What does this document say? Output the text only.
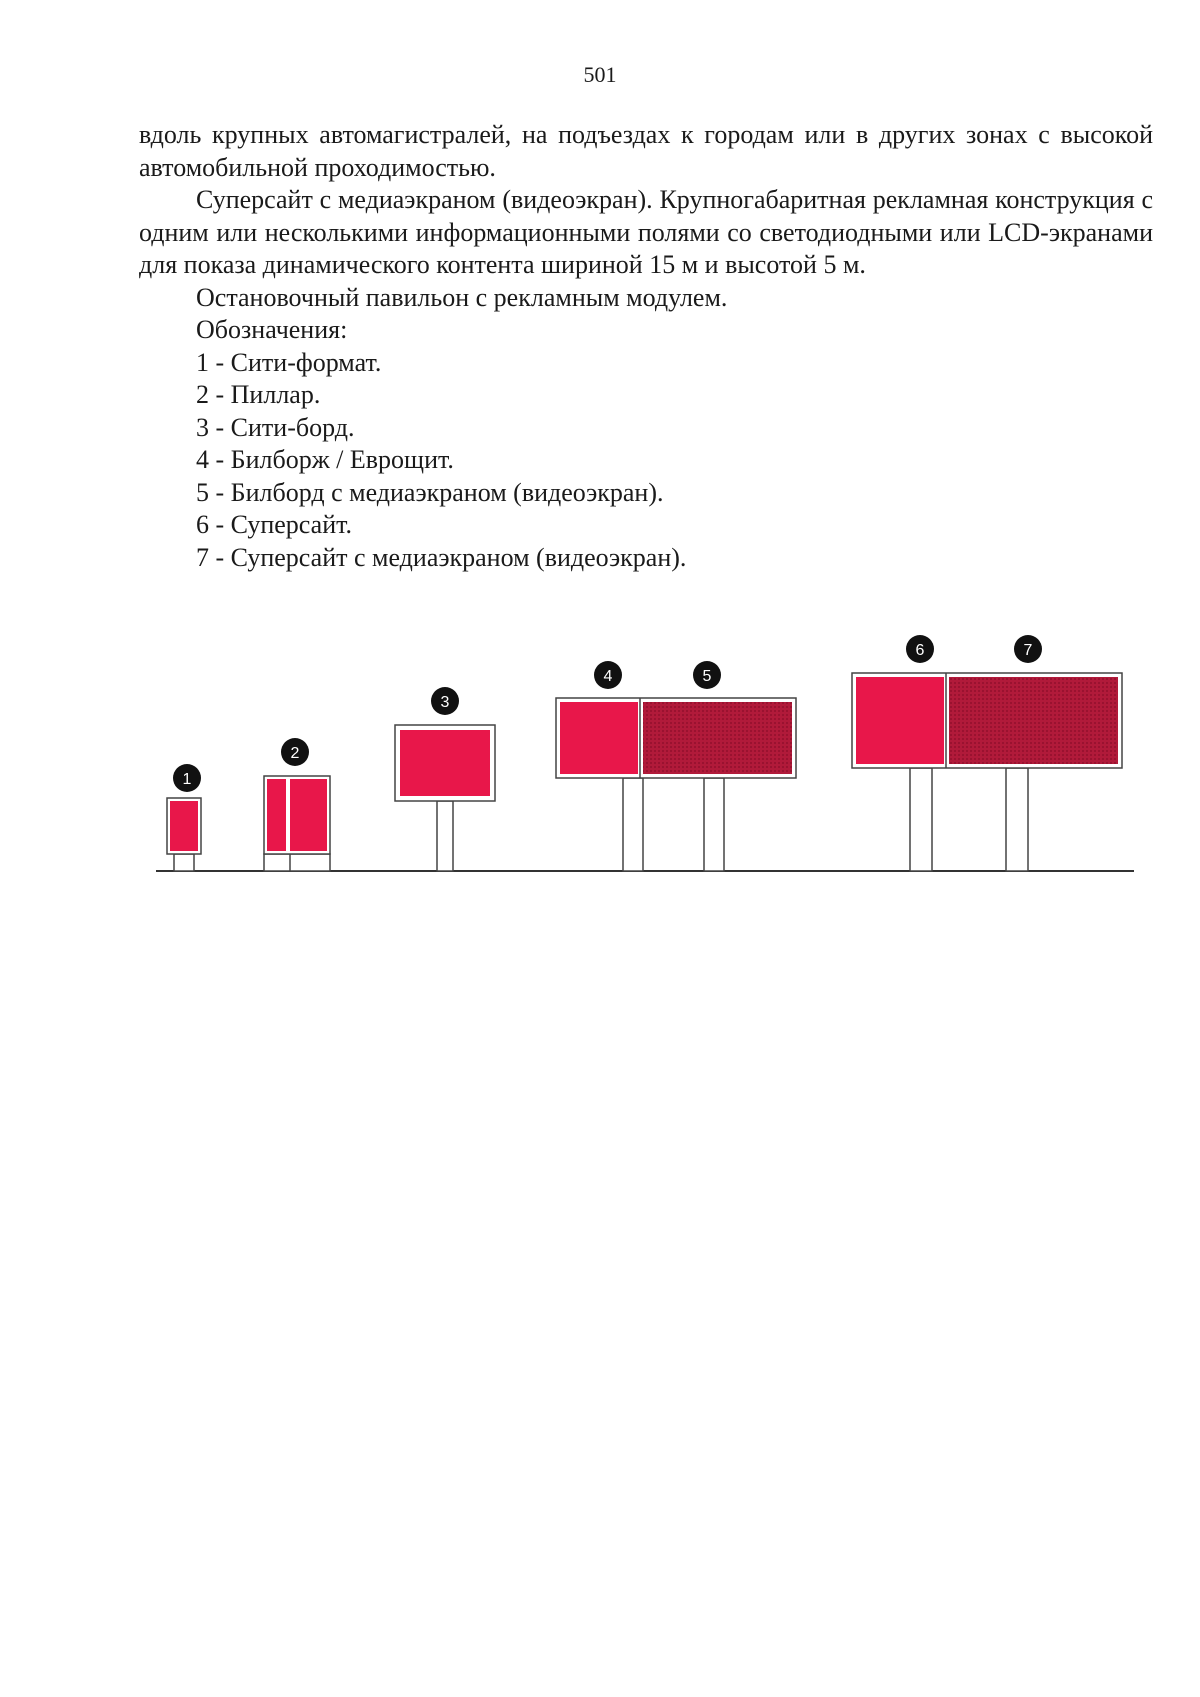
501

вдоль крупных автомагистралей, на подъездах к городам или в других зонах с высокой автомобильной проходимостью.

Суперсайт с медиаэкраном (видеоэкран). Крупногабаритная рекламная конструкция с одним или несколькими информационными полями со светодиодными или LCD-экранами для показа динамического контента шириной 15 м и высотой 5 м.

Остановочный павильон с рекламным модулем.

Обозначения:

1 - Сити-формат.

2 - Пиллар.

3 - Сити-борд.

4 - Билборж / Еврощит.

5 - Билборд с медиаэкраном (видеоэкран).

6 - Суперсайт.

7 - Суперсайт с медиаэкраном (видеоэкран).

1
2
3
4	5
6	7
